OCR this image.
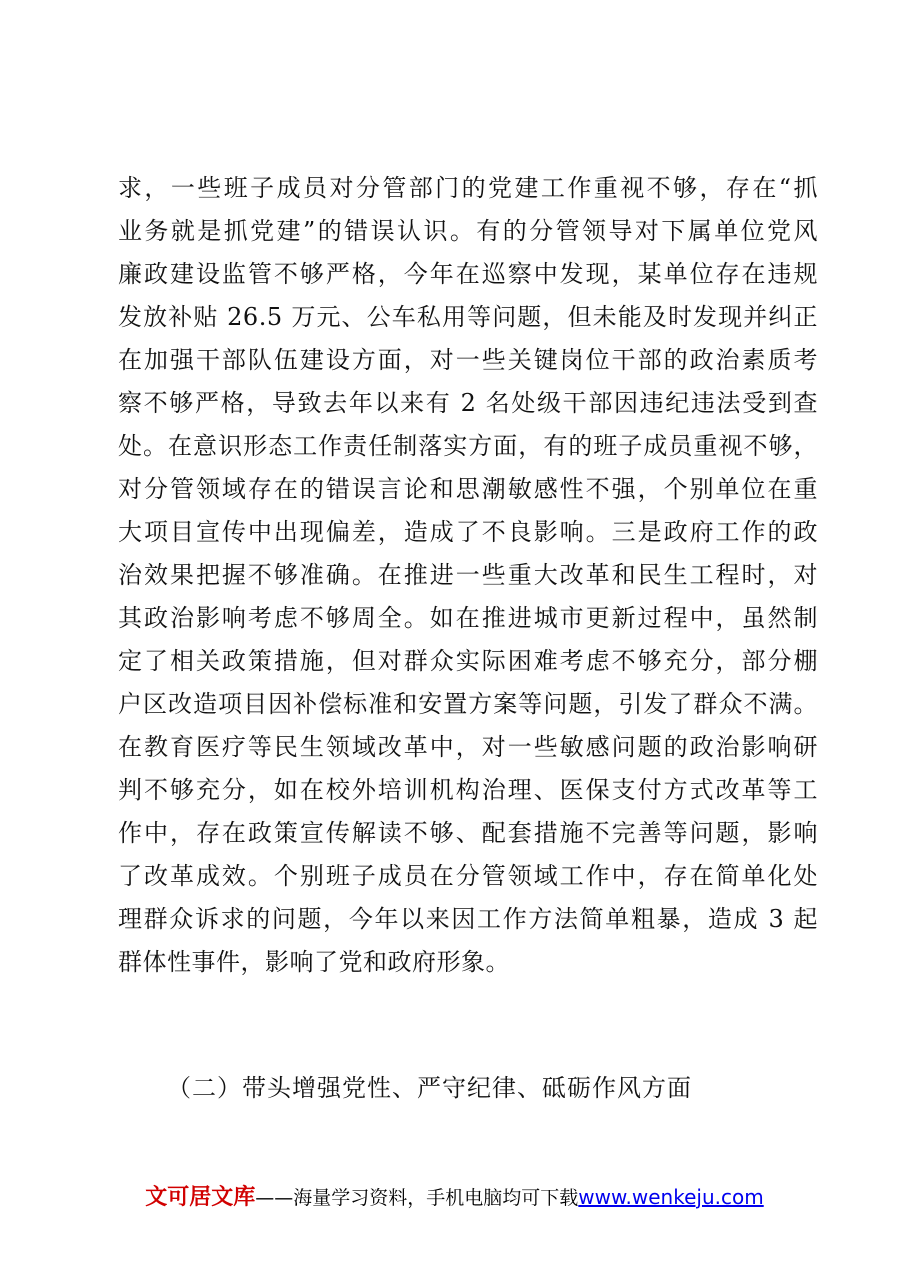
求，一些班子成员对分管部门的党建工作重视不够，存在“抓
业务就是抓党建”的错误认识。有的分管领导对下属单位党风
廉政建设监管不够严格，今年在巡察中发现，某单位存在违规
发放补贴 26.5 万元、公车私用等问题，但未能及时发现并纠正
在加强干部队伍建设方面，对一些关键岗位干部的政治素质考
察不够严格，导致去年以来有 2 名处级干部因违纪违法受到查
处。在意识形态工作责任制落实方面，有的班子成员重视不够，
对分管领域存在的错误言论和思潮敏感性不强，个别单位在重
大项目宣传中出现偏差，造成了不良影响。三是政府工作的政
治效果把握不够准确。在推进一些重大改革和民生工程时，对
其政治影响考虑不够周全。如在推进城市更新过程中，虽然制
定了相关政策措施，但对群众实际困难考虑不够充分，部分棚
户区改造项目因补偿标准和安置方案等问题，引发了群众不满。
在教育医疗等民生领域改革中，对一些敏感问题的政治影响研
判不够充分，如在校外培训机构治理、医保支付方式改革等工
作中，存在政策宣传解读不够、配套措施不完善等问题，影响
了改革成效。个别班子成员在分管领域工作中，存在简单化处
理群众诉求的问题，今年以来因工作方法简单粗暴，造成 3 起
群体性事件，影响了党和政府形象。
（二）带头增强党性、严守纪律、砥砺作风方面
文可居文库——海量学习资料，手机电脑均可下载www.wenkeju.com
